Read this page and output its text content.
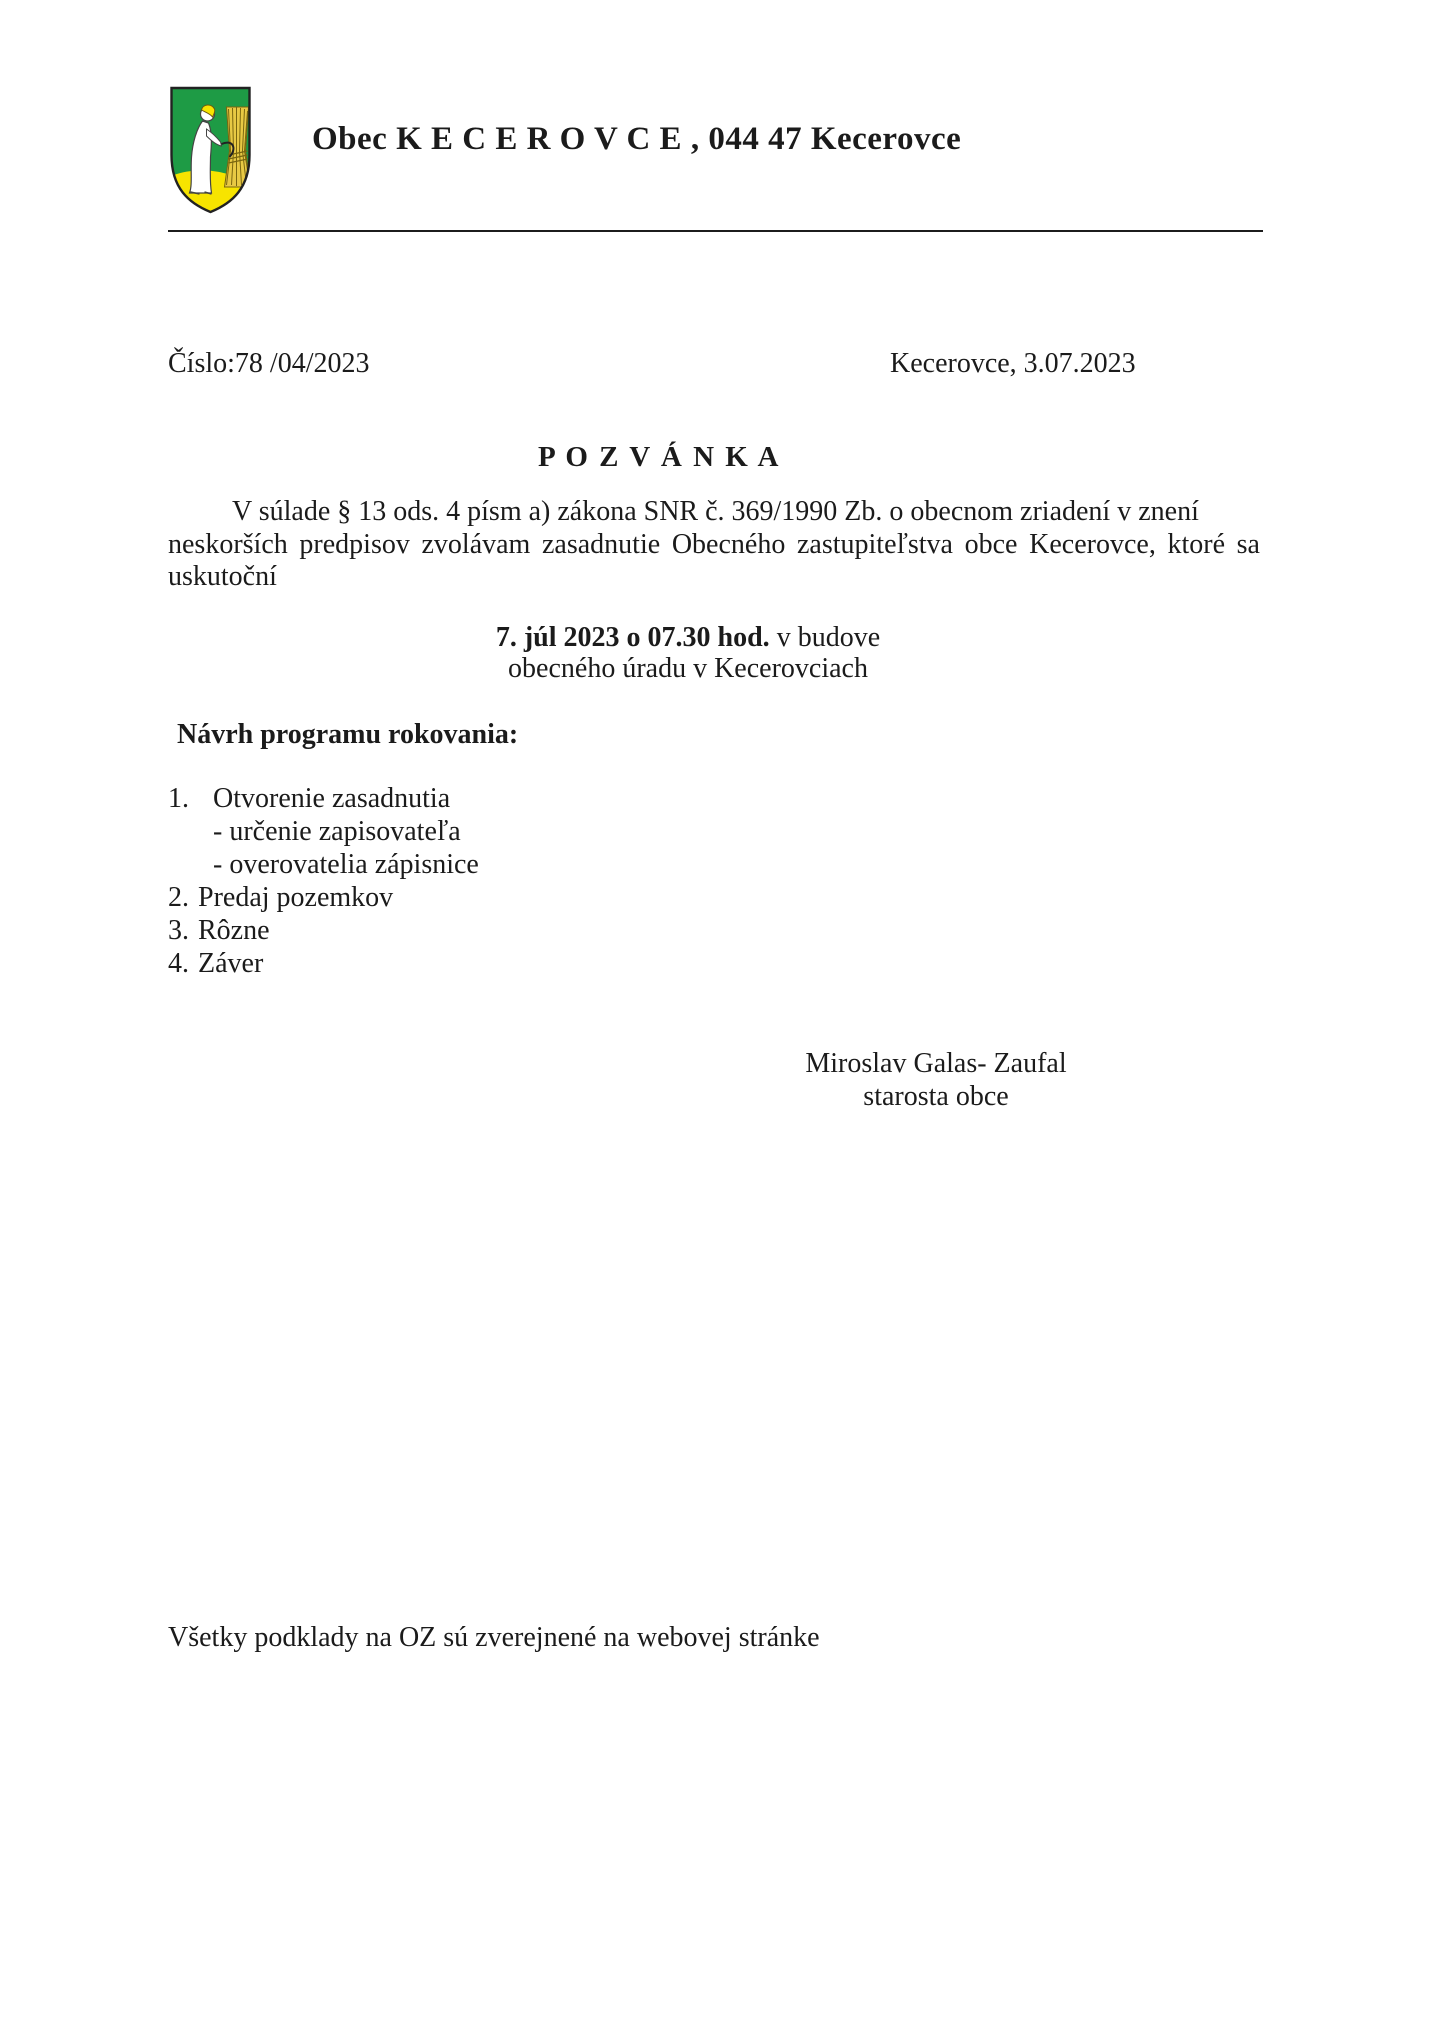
Obec K E C E R O V C E , 044 47 Kecerovce
Číslo:78 /04/2023	Kecerovce, 3.07.2023
P O Z V Á N K A
V súlade § 13 ods. 4 písm a) zákona SNR č. 369/1990 Zb. o obecnom zriadení v znení
neskorších predpisov zvolávam zasadnutie Obecného zastupiteľstva obce Kecerovce, ktoré sa
uskutoční
7. júl 2023 o 07.30 hod. v budove
obecného úradu v Kecerovciach
Návrh programu rokovania:
1. Otvorenie zasadnutia
- určenie zapisovateľa
- overovatelia zápisnice
2. Predaj pozemkov
3. Rôzne
4. Záver
Miroslav Galas- Zaufal
starosta obce
Všetky podklady na OZ sú zverejnené na webovej stránke
